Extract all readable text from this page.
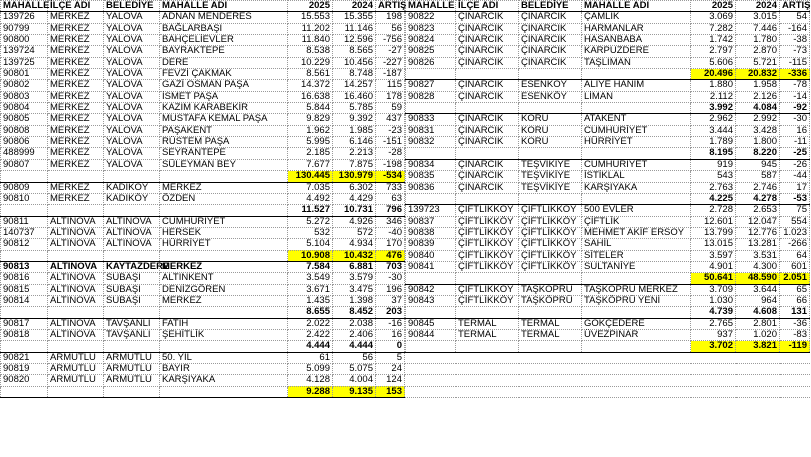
MAHALLE	İLÇE ADI	BELEDİYE	MAHALLE ADI	2025	2024	ARTIŞ
139726	MERKEZ	YALOVA	ADNAN MENDERES	15.553	15.355	198
90799	MERKEZ	YALOVA	BAĞLARBAŞI	11.202	11.146	56
90800	MERKEZ	YALOVA	BAHÇELİEVLER	11.840	12.596	-756
139724	MERKEZ	YALOVA	BAYRAKTEPE	8.538	8.565	-27
139725	MERKEZ	YALOVA	DERE	10.229	10.456	-227
90801	MERKEZ	YALOVA	FEVZİ ÇAKMAK	8.561	8.748	-187
90802	MERKEZ	YALOVA	GAZİ OSMAN PAŞA	14.372	14.257	115
90803	MERKEZ	YALOVA	İSMET PAŞA	16.638	16.460	178
90804	MERKEZ	YALOVA	KAZIM KARABEKİR	5.844	5.785	59
90805	MERKEZ	YALOVA	MUSTAFA KEMAL PAŞA	9.829	9.392	437
90808	MERKEZ	YALOVA	PAŞAKENT	1.962	1.985	-23
90806	MERKEZ	YALOVA	RÜSTEM PAŞA	5.995	6.146	-151
488999	MERKEZ	YALOVA	SEYRANTEPE	2.185	2.213	-28
90807	MERKEZ	YALOVA	SÜLEYMAN BEY	7.677	7.875	-198
				130.445	130.979	-534
90809	MERKEZ	KADIKÖY	MERKEZ	7.035	6.302	733
90810	MERKEZ	KADIKÖY	ÖZDEN	4.492	4.429	63
				11.527	10.731	796
90811	ALTINOVA	ALTINOVA	CUMHURİYET	5.272	4.926	346
140737	ALTINOVA	ALTINOVA	HERSEK	532	572	-40
90812	ALTINOVA	ALTINOVA	HÜRRİYET	5.104	4.934	170
				10.908	10.432	476
90813	ALTINOVA	KAYTAZDERE	MERKEZ	7.584	6.881	703
90816	ALTINOVA	SUBAŞI	ALTINKENT	3.549	3.579	-30
90815	ALTINOVA	SUBAŞI	DENİZGÖREN	3.671	3.475	196
90814	ALTINOVA	SUBAŞI	MERKEZ	1.435	1.398	37
				8.655	8.452	203
90817	ALTINOVA	TAVŞANLI	FATİH	2.022	2.038	-16
90818	ALTINOVA	TAVŞANLI	ŞEHİTLİK	2.422	2.406	16
				4.444	4.444	0
90821	ARMUTLU	ARMUTLU	50. YIL	61	56	5
90819	ARMUTLU	ARMUTLU	BAYIR	5.099	5.075	24
90820	ARMUTLU	ARMUTLU	KARŞIYAKA	4.128	4.004	124
				9.288	9.135	153
MAHALLE	İLÇE ADI	BELEDİYE	MAHALLE ADI	2025	2024	ARTIŞ
90822	ÇINARCIK	ÇINARCIK	ÇAMLIK	3.069	3.015	54
90823	ÇINARCIK	ÇINARCIK	HARMANLAR	7.282	7.446	-164
90824	ÇINARCIK	ÇINARCIK	HASANBABA	1.742	1.780	-38
90825	ÇINARCIK	ÇINARCIK	KARPUZDERE	2.797	2.870	-73
90826	ÇINARCIK	ÇINARCIK	TAŞLIMAN	5.606	5.721	-115
				20.496	20.832	-336
90827	ÇINARCIK	ESENKÖY	ALİYE HANIM	1.880	1.958	-78
90828	ÇINARCIK	ESENKÖY	LİMAN	2.112	2.126	-14
				3.992	4.084	-92
90833	ÇINARCIK	KORU	ATAKENT	2.962	2.992	-30
90831	ÇINARCIK	KORU	CUMHURİYET	3.444	3.428	16
90832	ÇINARCIK	KORU	HÜRRİYET	1.789	1.800	-11
				8.195	8.220	-25
90834	ÇINARCIK	TEŞVİKİYE	CUMHURİYET	919	945	-26
90835	ÇINARCIK	TEŞVİKİYE	İSTİKLAL	543	587	-44
90836	ÇINARCIK	TEŞVİKİYE	KARŞIYAKA	2.763	2.746	17
				4.225	4.278	-53
139723	ÇİFTLİKKÖY	ÇİFTLİKKÖY	500 EVLER	2.728	2.653	75
90837	ÇİFTLİKKÖY	ÇİFTLİKKÖY	ÇİFTLİK	12.601	12.047	554
90838	ÇİFTLİKKÖY	ÇİFTLİKKÖY	MEHMET AKİF ERSOY	13.799	12.776	1.023
90839	ÇİFTLİKKÖY	ÇİFTLİKKÖY	SAHİL	13.015	13.281	-266
90840	ÇİFTLİKKÖY	ÇİFTLİKKÖY	SİTELER	3.597	3.531	64
90841	ÇİFTLİKKÖY	ÇİFTLİKKÖY	SULTANİYE	4.901	4.300	601
				50.641	48.590	2.051
90842	ÇİFTLİKKÖY	TAŞKÖPRÜ	TAŞKÖPRÜ MERKEZ	3.709	3.644	65
90843	ÇİFTLİKKÖY	TAŞKÖPRÜ	TAŞKÖPRÜ YENİ	1.030	964	66
				4.739	4.608	131
90845	TERMAL	TERMAL	GÖKÇEDERE	2.765	2.801	-36
90844	TERMAL	TERMAL	ÜVEZPINAR	937	1.020	-83
				3.702	3.821	-119
